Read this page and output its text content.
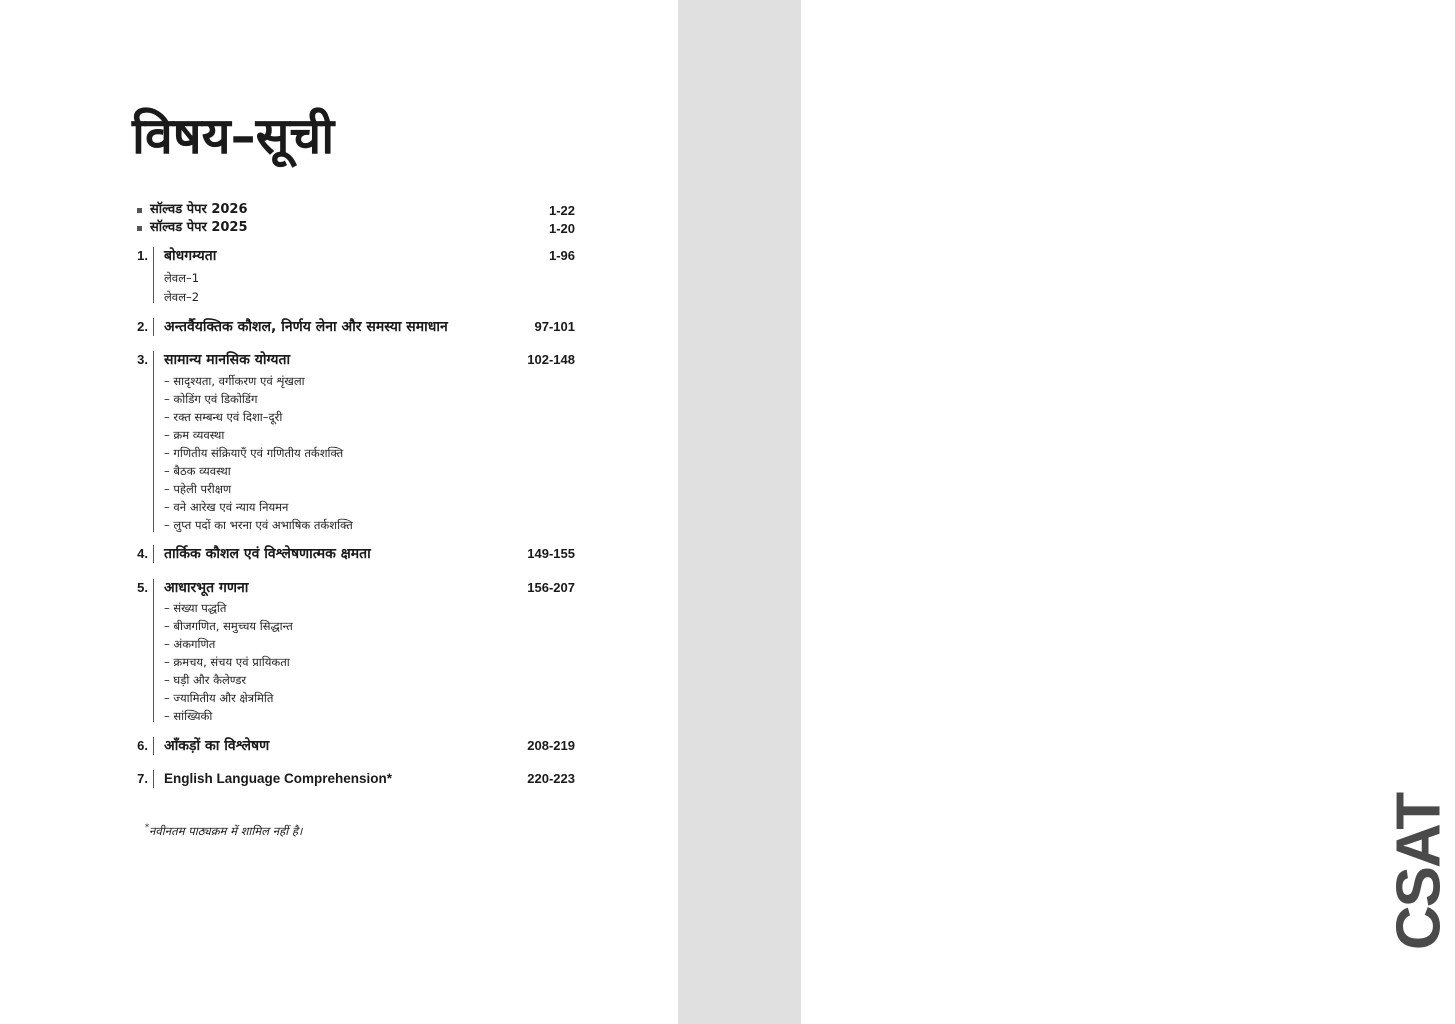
CSAT
विषय–सूची
सॉल्वड पेपर 2026	1-22
सॉल्वड पेपर 2025	1-20
1. बोधगम्यता	1-96
लेवल–1
लेवल–2
2. अन्तर्वैयक्तिक कौशल, निर्णय लेना और समस्या समाधान	97-101
3. सामान्य मानसिक योग्यता	102-148
– सादृश्यता, वर्गीकरण एवं शृंखला
– कोडिंग एवं डिकोडिंग
– रक्त सम्बन्ध एवं दिशा–दूरी
– क्रम व्यवस्था
– गणितीय संक्रियाएँ एवं गणितीय तर्कशक्ति
– बैठक व्यवस्था
– पहेली परीक्षण
– वने आरेख एवं न्याय नियमन
– लुप्त पदों का भरना एवं अभाषिक तर्कशक्ति
4. तार्किक कौशल एवं विश्लेषणात्मक क्षमता	149-155
5. आधारभूत गणना	156-207
– संख्या पद्धति
– बीजगणित, समुच्चय सिद्धान्त
– अंकगणित
– क्रमचय, संचय एवं प्रायिकता
– घड़ी और कैलेण्डर
– ज्यामितीय और क्षेत्रमिति
– सांख्यिकी
6. आँकड़ों का विश्लेषण	208-219
7. English Language Comprehension*	220-223
*नवीनतम पाठ्यक्रम में शामिल नहीं है।
